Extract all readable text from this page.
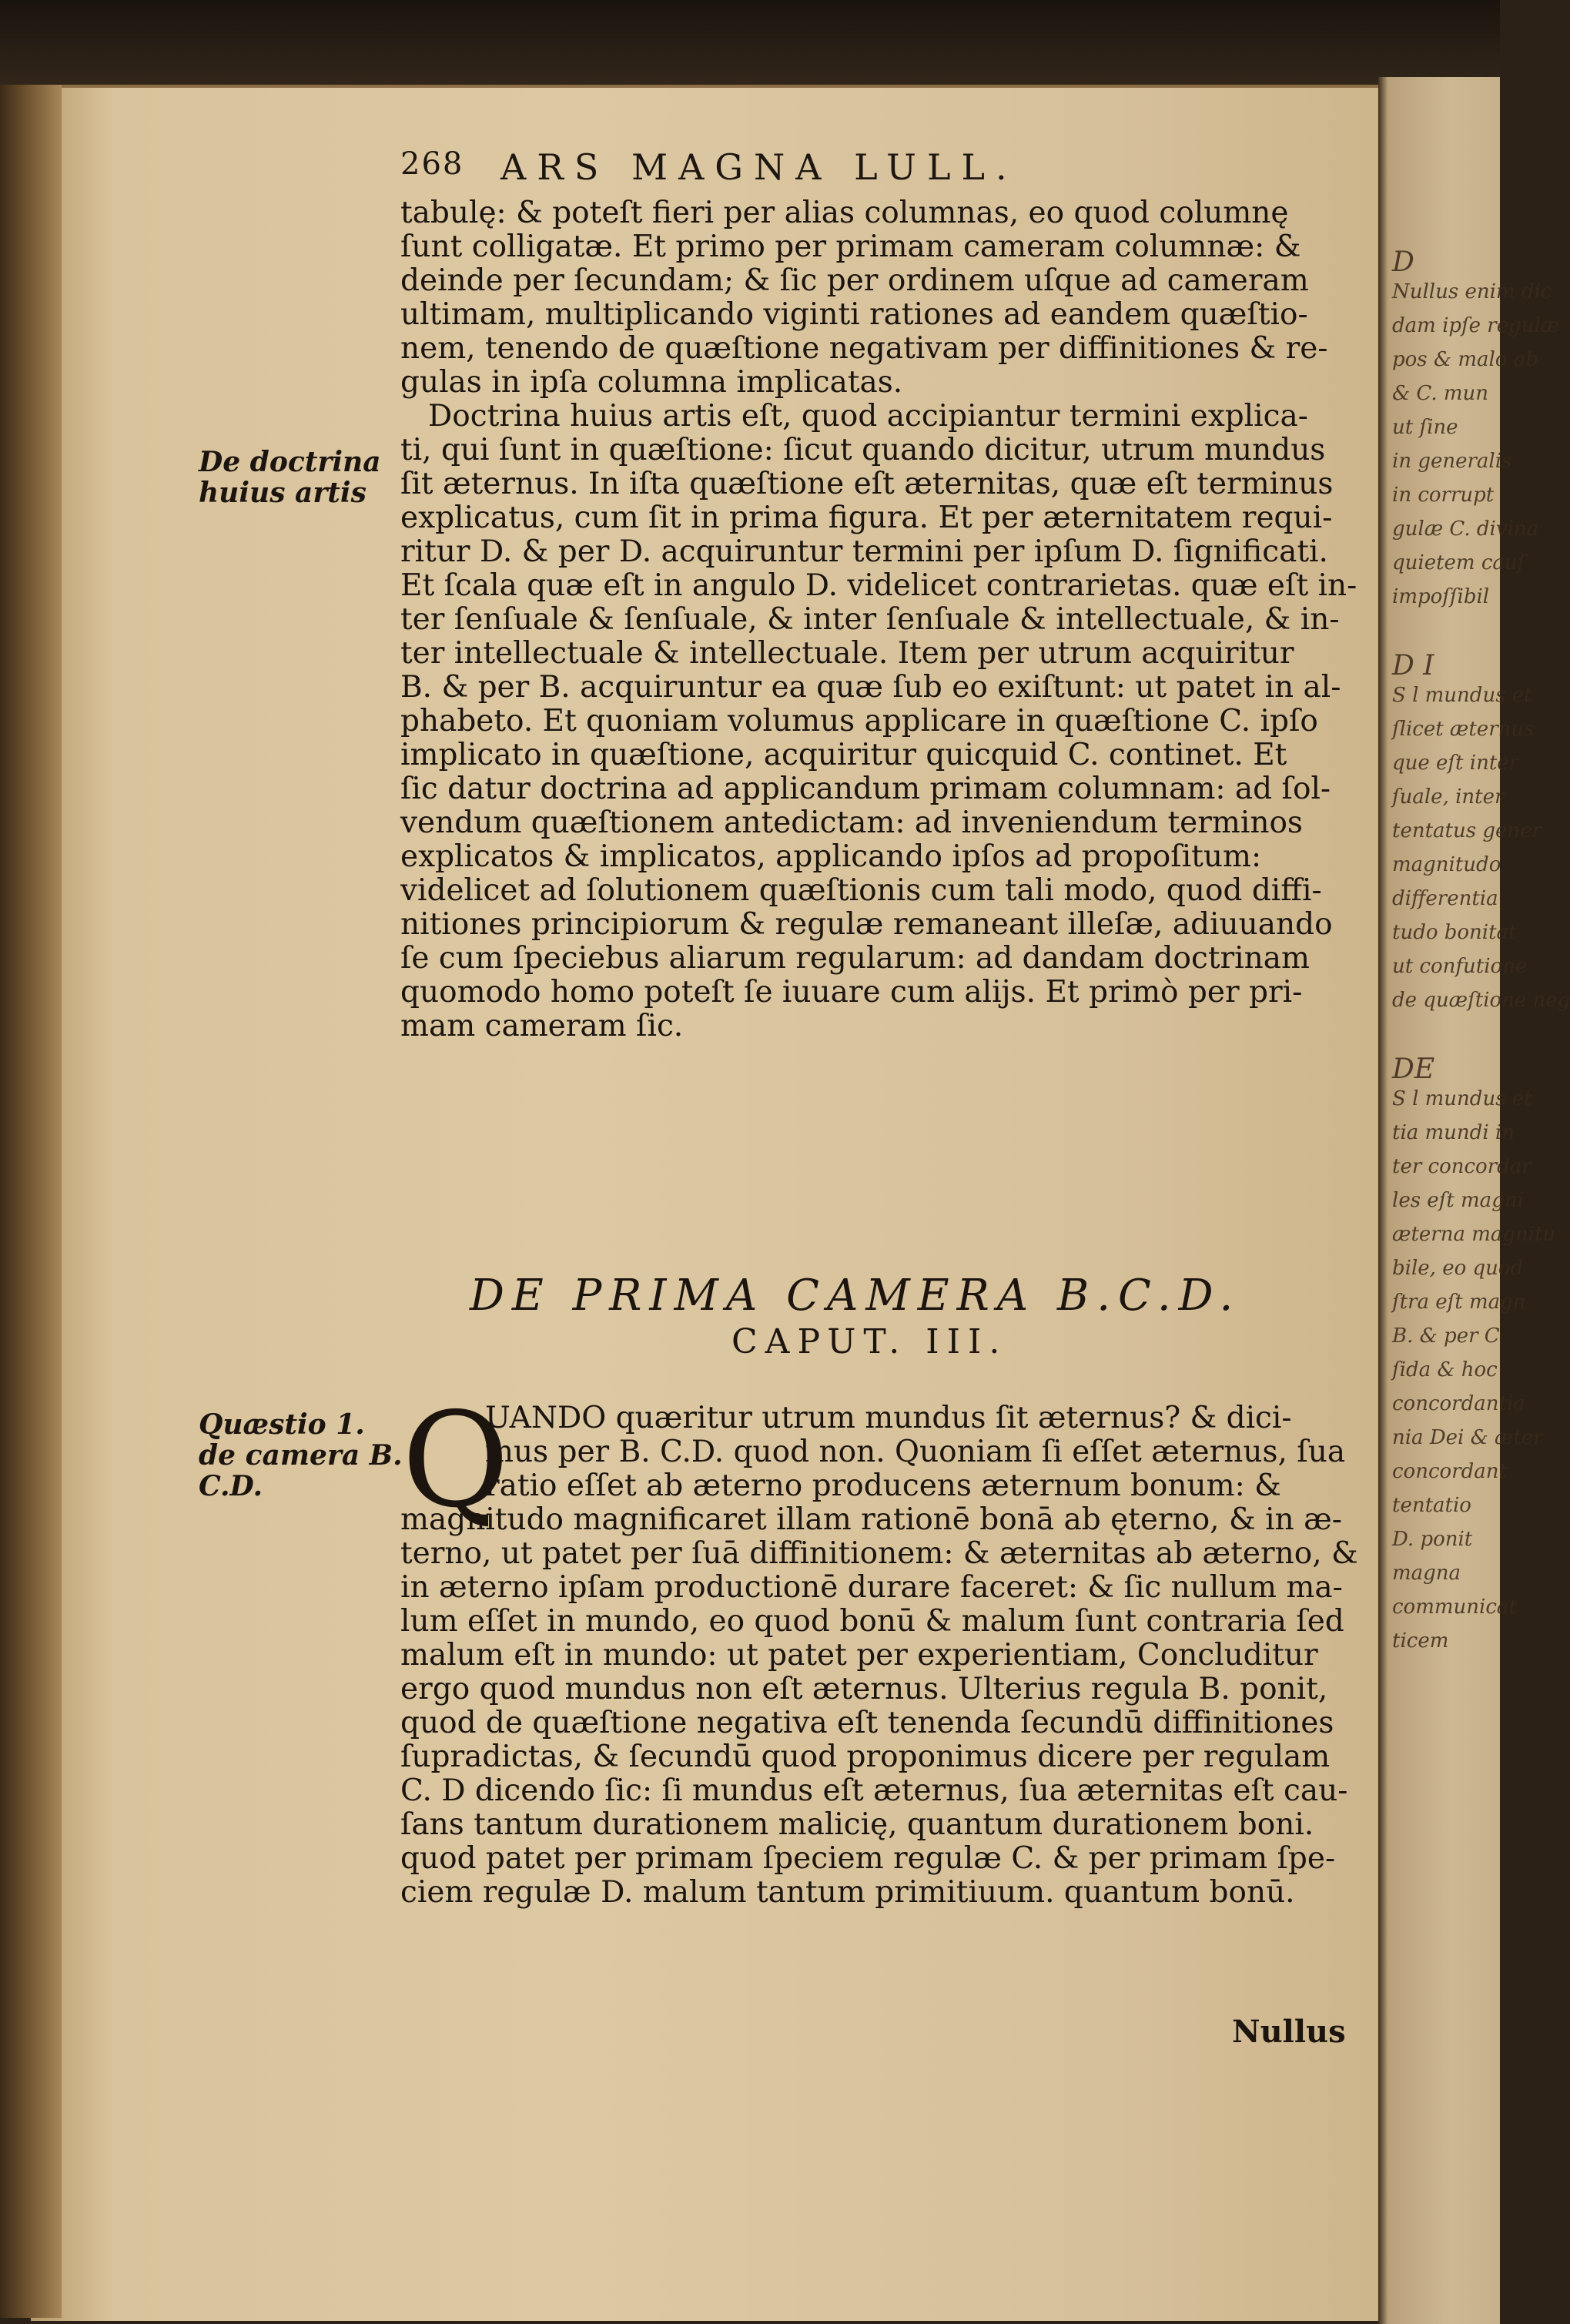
D
Nullus enim dic
dam ipſe regulæ
pos & malo ab
& C. mun
ut ſine
in generalis
in corrupt
gulæ C. divina
quietem cauſ
impoſſibil
D I
S l mundus et
ſlicet æternus
que eſt inter
ſuale, inter
tentatus gener
magnitudo
differentia
tudo bonitat
ut confutione
de quæſtione neg
DE
S l mundus et
tia mundi in
ter concordar
les eſt magni
æterna magnitu
bile, eo quod
ſtra eſt magn
B. & per C
ſida & hoc
concordantia
nia Dei & æter
concordant
tentatio
D. ponit
magna
communicat
ticem
268 ARS MAGNA LULL.
tabulę: & poteſt fieri per alias columnas, eo quod columnę
ſunt colligatæ. Et primo per primam cameram columnæ: &
deinde per ſecundam; & ſic per ordinem uſque ad cameram
ultimam, multiplicando viginti rationes ad eandem quæſtio-
nem, tenendo de quæſtione negativam per diffinitiones & re-
gulas in ipſa columna implicatas.
Doctrina huius artis eſt, quod accipiantur termini explica-
ti, qui ſunt in quæſtione: ſicut quando dicitur, utrum mundus
ſit æternus. In iſta quæſtione eſt æternitas, quæ eſt terminus
explicatus, cum ſit in prima figura. Et per æternitatem requi-
ritur D. & per D. acquiruntur termini per ipſum D. ſignificati.
Et ſcala quæ eſt in angulo D. videlicet contrarietas. quæ eſt in-
ter ſenſuale & ſenſuale, & inter ſenſuale & intellectuale, & in-
ter intellectuale & intellectuale. Item per utrum acquiritur
B. & per B. acquiruntur ea quæ ſub eo exiſtunt: ut patet in al-
phabeto. Et quoniam volumus applicare in quæſtione C. ipſo
implicato in quæſtione, acquiritur quicquid C. continet. Et
ſic datur doctrina ad applicandum primam columnam: ad ſol-
vendum quæſtionem antedictam: ad inveniendum terminos
explicatos & implicatos, applicando ipſos ad propoſitum:
videlicet ad ſolutionem quæſtionis cum tali modo, quod diffi-
nitiones principiorum & regulæ remaneant illeſæ, adiuuando
ſe cum ſpeciebus aliarum regularum: ad dandam doctrinam
quomodo homo poteſt ſe iuuare cum alijs. Et primò per pri-
mam cameram ſic.
De doctrina
huius artis
DE PRIMA CAMERA B.C.D.
CAPUT. III.
Quæstio 1.
de camera B.
C.D.	Q
UANDO quæritur utrum mundus ſit æternus? & dici-
mus per B. C.D. quod non. Quoniam ſi eſſet æternus, ſua
ratio eſſet ab æterno producens æternum bonum: &
magnitudo magnificaret illam rationē bonā ab ęterno, & in æ-
terno, ut patet per ſuā diffinitionem: & æternitas ab æterno, &
in æterno ipſam productionē durare faceret: & ſic nullum ma-
lum eſſet in mundo, eo quod bonū & malum ſunt contraria ſed
malum eſt in mundo: ut patet per experientiam, Concluditur
ergo quod mundus non eſt æternus. Ulterius regula B. ponit,
quod de quæſtione negativa eſt tenenda ſecundū diffinitiones
ſupradictas, & ſecundū quod proponimus dicere per regulam
C. D dicendo ſic: ſi mundus eſt æternus, ſua æternitas eſt cau-
ſans tantum durationem malicię, quantum durationem boni.
quod patet per primam ſpeciem regulæ C. & per primam ſpe-
ciem regulæ D. malum tantum primitiuum. quantum bonū.
Nullus
